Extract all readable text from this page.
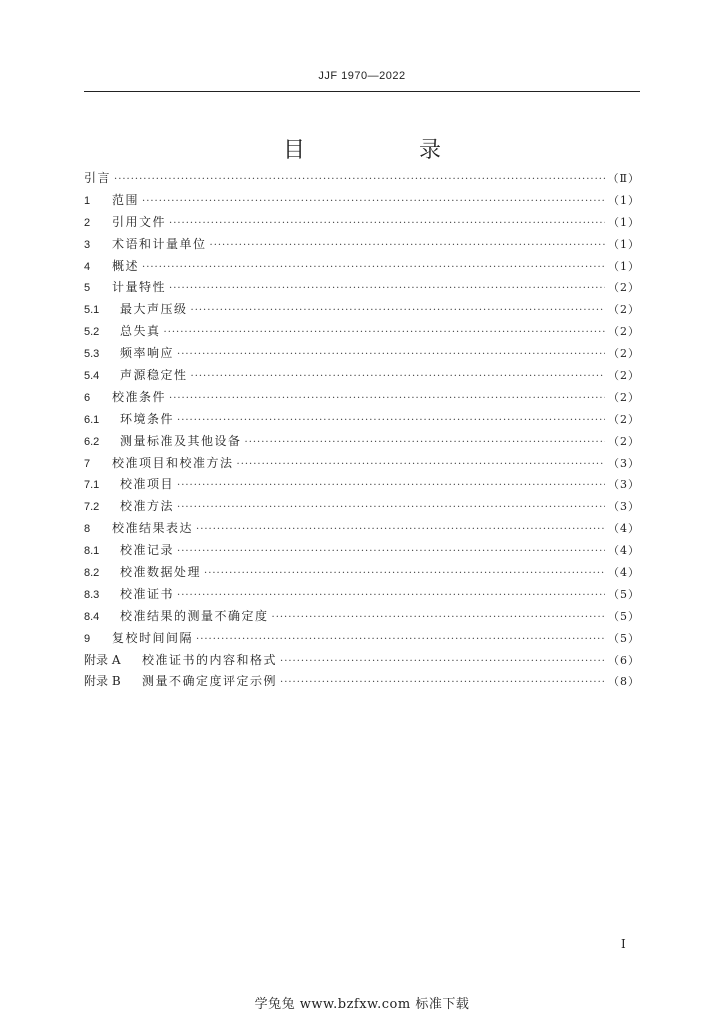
JJF 1970—2022
目　录
引言 ·····	（Ⅱ）
1	范围 ·····	（1）
2	引用文件 ·····	（1）
3	术语和计量单位 ·····	（1）
4	概述 ·····	（1）
5	计量特性 ·····	（2）
5.1	最大声压级 ·····	（2）
5.2	总失真 ·····	（2）
5.3	频率响应 ·····	（2）
5.4	声源稳定性 ·····	（2）
6	校准条件 ·····	（2）
6.1	环境条件 ·····	（2）
6.2	测量标准及其他设备 ·····	（2）
7	校准项目和校准方法 ·····	（3）
7.1	校准项目 ·····	（3）
7.2	校准方法 ·····	（3）
8	校准结果表达 ·····	（4）
8.1	校准记录 ·····	（4）
8.2	校准数据处理 ·····	（4）
8.3	校准证书 ·····	（5）
8.4	校准结果的测量不确定度 ·····	（5）
9	复校时间间隔 ·····	（5）
附录 A	校准证书的内容和格式 ·····	（6）
附录 B	测量不确定度评定示例 ·····	（8）
Ⅰ
学兔兔 www.bzfxw.com 标准下载
